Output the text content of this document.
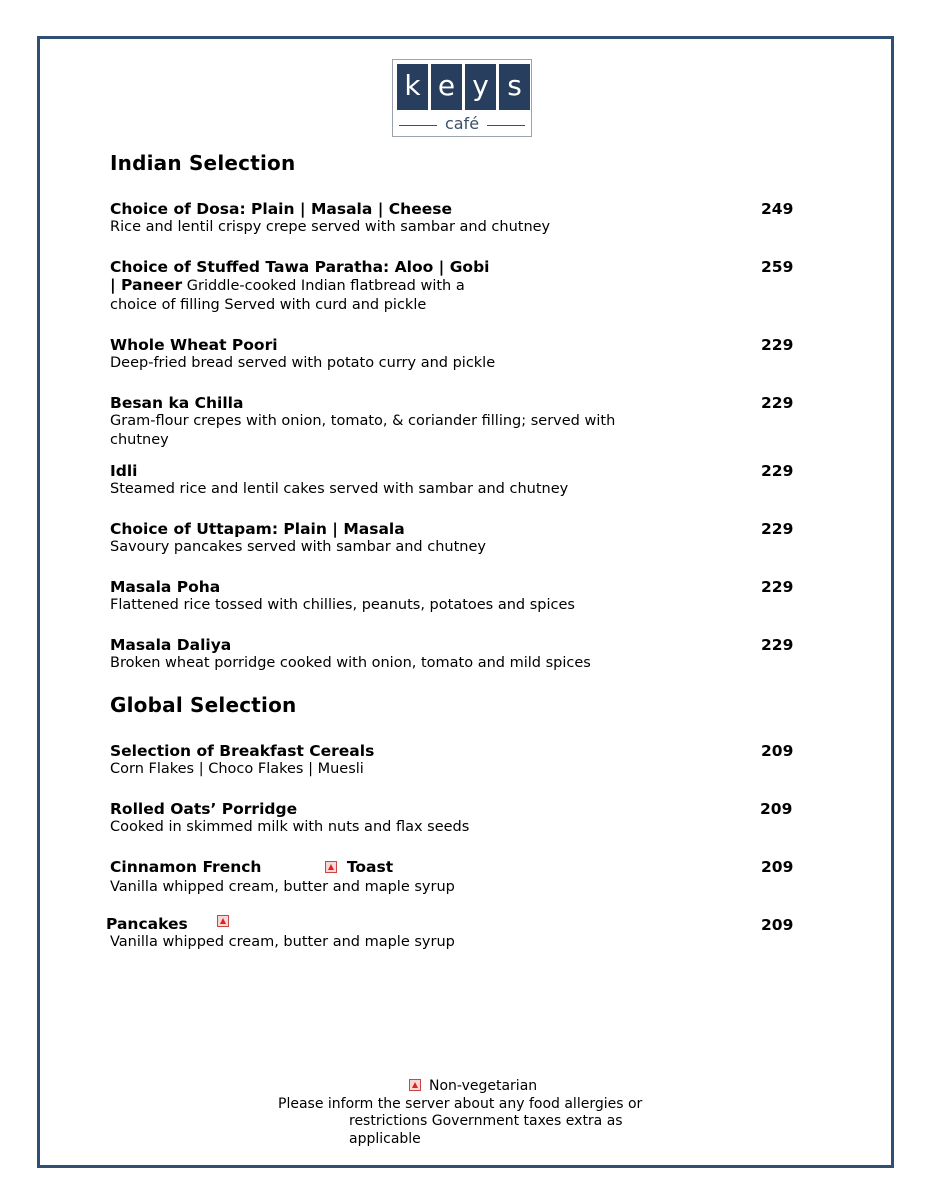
k e y s
café
Indian Selection
Choice of Dosa: Plain | Masala | Cheese
Rice and lentil crispy crepe served with sambar and chutney
249
Choice of Stuffed Tawa Paratha: Aloo | Gobi
| Paneer Griddle-cooked Indian flatbread with a
choice of filling Served with curd and pickle
259
Whole Wheat Poori
Deep-fried bread served with potato curry and pickle
229
Besan ka Chilla
Gram-flour crepes with onion, tomato, & coriander filling; served with chutney
229
Idli
Steamed rice and lentil cakes served with sambar and chutney
229
Choice of Uttapam: Plain | Masala
Savoury pancakes served with sambar and chutney
229
Masala Poha
Flattened rice tossed with chillies, peanuts, potatoes and spices
229
Masala Daliya
Broken wheat porridge cooked with onion, tomato and mild spices
229
Global Selection
Selection of Breakfast Cereals
Corn Flakes | Choco Flakes | Muesli
209
Rolled Oats’ Porridge
Cooked in skimmed milk with nuts and flax seeds
209
Cinnamon French	Toast
Vanilla whipped cream, butter and maple syrup
209
Pancakes
Vanilla whipped cream, butter and maple syrup
209
Non-vegetarian
Please inform the server about any food allergies or
restrictions Government taxes extra as
applicable
